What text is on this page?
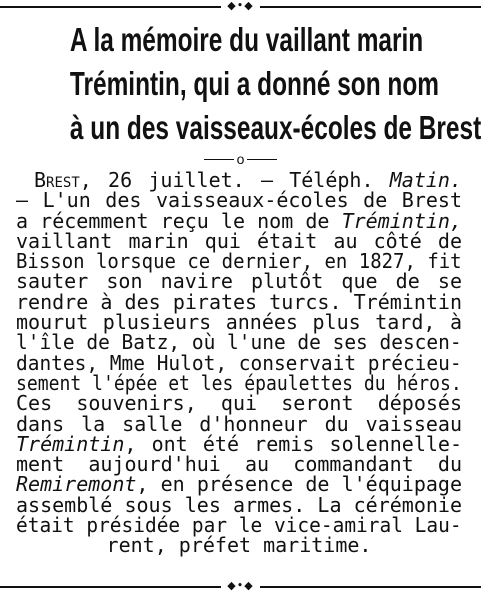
◆•◆
A la mémoire du vaillant marin
Trémintin, qui a donné son nom
à un des vaisseaux-écoles de Brest
o
Brest, 26 juillet. — Téléph. Matin.
— L'un des vaisseaux-écoles de Brest
a récemment reçu le nom de Trémintin,
vaillant marin qui était au côté de
Bisson lorsque ce dernier, en 1827, fit
sauter son navire plutôt que de se
rendre à des pirates turcs. Trémintin
mourut plusieurs années plus tard, à
l'île de Batz, où l'une de ses descen-
dantes, Mme Hulot, conservait précieu-
sement l'épée et les épaulettes du héros.
Ces souvenirs, qui seront déposés
dans la salle d'honneur du vaisseau
Trémintin, ont été remis solennelle-
ment aujourd'hui au commandant du
Remiremont, en présence de l'équipage
assemblé sous les armes. La cérémonie
était présidée par le vice-amiral Lau-
rent, préfet maritime.
◆•◆
